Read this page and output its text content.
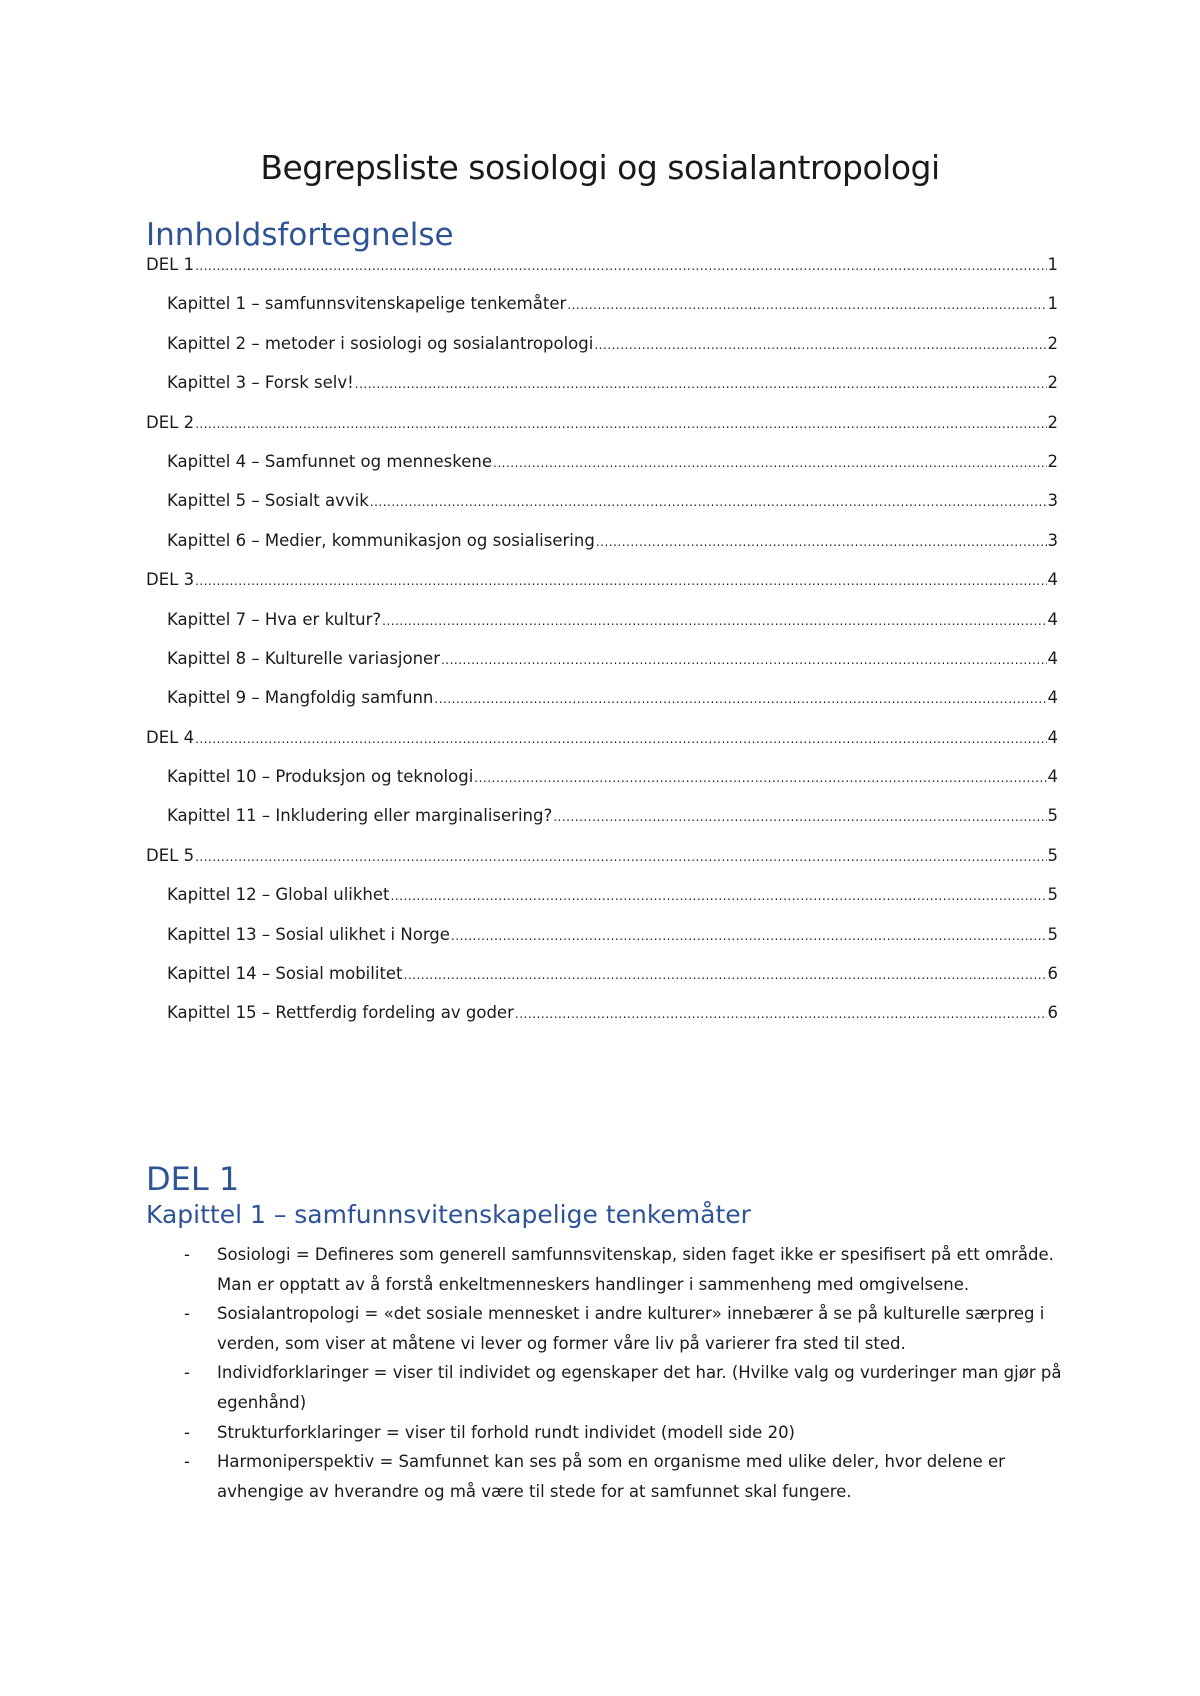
Begrepsliste sosiologi og sosialantropologi
Innholdsfortegnelse
DEL 1 .....	1
Kapittel 1 – samfunnsvitenskapelige tenkemåter .....	1
Kapittel 2 – metoder i sosiologi og sosialantropologi .....	2
Kapittel 3 – Forsk selv! .....	2
DEL 2 .....	2
Kapittel 4 – Samfunnet og menneskene .....	2
Kapittel 5 – Sosialt avvik .....	3
Kapittel 6 – Medier, kommunikasjon og sosialisering .....	3
DEL 3 .....	4
Kapittel 7 – Hva er kultur? .....	4
Kapittel 8 – Kulturelle variasjoner .....	4
Kapittel 9 – Mangfoldig samfunn .....	4
DEL 4 .....	4
Kapittel 10 – Produksjon og teknologi .....	4
Kapittel 11 – Inkludering eller marginalisering? .....	5
DEL 5 .....	5
Kapittel 12 – Global ulikhet .....	5
Kapittel 13 – Sosial ulikhet i Norge .....	5
Kapittel 14 – Sosial mobilitet .....	6
Kapittel 15 – Rettferdig fordeling av goder .....	6
DEL 1
Kapittel 1 – samfunnsvitenskapelige tenkemåter
- Sosiologi = Defineres som generell samfunnsvitenskap, siden faget ikke er spesifisert på ett område. Man er opptatt av å forstå enkeltmenneskers handlinger i sammenheng med omgivelsene.
- Sosialantropologi = «det sosiale mennesket i andre kulturer» innebærer å se på kulturelle særpreg i verden, som viser at måtene vi lever og former våre liv på varierer fra sted til sted.
- Individforklaringer = viser til individet og egenskaper det har. (Hvilke valg og vurderinger man gjør på egenhånd)
- Strukturforklaringer = viser til forhold rundt individet (modell side 20)
- Harmoniperspektiv = Samfunnet kan ses på som en organisme med ulike deler, hvor delene er avhengige av hverandre og må være til stede for at samfunnet skal fungere.
